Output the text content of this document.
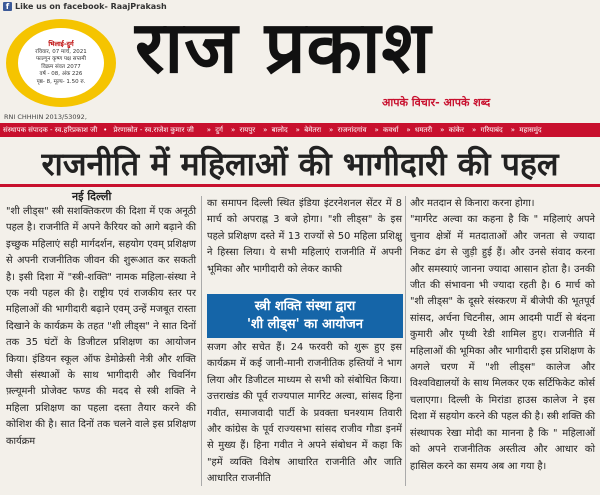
f Like us on facebook- RaajPrakash
भिलाई-दुर्ग
रविवार, 07 मार्च, 2021
फाल्गुन कृष्ण पक्ष सप्तमी
विक्रम संवत 2077
वर्ष - 08, अंक 226
पृष्ठ- 8, मूल्य- 1.50 रु. राज प्रकाश
आपके विचार- आपके शब्द
RNI CHHHIN 2013/53092,
संस्थापक संपादक - स्व.हरिप्रकाश जी • प्रेरणास्रोत - स्व.राजेश कुमार जी	» दुर्ग	» रायपुर	» बालोद	» बेमेतरा	» राजनांदगांव	» कवर्धा	» धमतरी	» कांकेर	» गरियाबंद	» महासमुंद
राजनीति में महिलाओं की भागीदारी की पहल
नई दिल्ली

"शी लीड्स" स्त्री सशक्तिकरण की दिशा में एक अनूठी पहल है। राजनीति में अपने कैरियर को आगे बढ़ाने की इच्छुक महिलाएं सही मार्गदर्शन, सहयोग एवम् प्रशिक्षण से अपनी राजनीतिक जीवन की शुरूआत कर सकती है। इसी दिशा में "स्त्री-शक्ति" नामक महिला-संस्था ने एक नयी पहल की है। राष्ट्रीय एवं राजकीय स्तर पर महिलाओं की भागीदारी बढ़ाने एवम् उन्हें मजबूत रास्ता दिखाने के कार्यक्रम के तहत "शी लीड्स" ने सात दिनों तक 35 घंटों के डिजीटल प्रशिक्षण का आयोजन किया। इंडियन स्कूल ऑफ डेमोक्रेसी नेत्री और शक्ति जैसी संस्थाओं के साथ भागीदारी और चिवनिंग फ़्ल्यूमनी प्रोजेक्ट फण्ड की मदद से स्त्री शक्ति ने महिला प्रशिक्षण का पहला दस्ता तैयार करने की कोशिश की है। सात दिनों तक चलने वाले इस प्रशिक्षण कार्यक्रम

का समापन दिल्ली स्थित इंडिया इंटरनेशनल सेंटर में 8 मार्च को अपराह्न 3 बजे होगा। "शी लीड्स" के इस पहले प्रशिक्षण दस्ते में 13 राज्यों से 50 महिला प्रशिक्षु ने हिस्सा लिया। ये सभी महिलाएं राजनीति में अपनी भूमिका और भागीदारी को लेकर काफी

स्त्री शक्ति संस्था द्वारा
'शी लीड्स' का आयोजन

सजग और सचेत हैं। 24 फरवरी को शुरू हुए इस कार्यक्रम में कई जानी-मानी राजनीतिक हस्तियों ने भाग लिया और डिजीटल माध्यम से सभी को संबोधित किया। उत्तराखंड की पूर्व राज्यपाल मार्गरेट अल्वा, सांसद हिना गवीत, समाजवादी पार्टी के प्रवक्ता घनश्याम तिवारी और कांग्रेस के पूर्व राज्यसभा सांसद राजीव गौडा इनमें से मुख्य हैं। हिना गवीत ने अपने संबोधन में कहा कि "हमें व्यक्ति विशेष आधारित राजनीति और जाति आधारित राजनीति

और मतदान से किनारा करना होगा।
"मार्गरेट अल्वा का कहना है कि " महिलाएं अपने चुनाव क्षेत्रों में मतदाताओं और जनता से ज्यादा निकट ढंग से जुड़ी हुई हैं। और उनसे संवाद करना और समस्याएं जानना ज्यादा आसान होता है। उनकी जीत की संभावना भी ज्यादा रहती है। 6 मार्च को "शी लीड्स" के दूसरे संस्करण में बीजेपी की भूतपूर्व सांसद, अर्चना चिटनीस, आम आदमी पार्टी से बंदना कुमारी और पृथ्वी रेडी शामिल हुए। राजनीति में महिलाओं की भूमिका और भागीदारी इस प्रशिक्षण के अगले चरण में "शी लीड्स" कालेज और विश्वविद्यालयों के साथ मिलकर एक सर्टिफिकेट कोर्स चलाएगा। दिल्ली के मिरांडा हाउस कालेज ने इस दिशा में सहयोग करने की पहल की है। स्त्री शक्ति की संस्थापक रेखा मोदी का मानना है कि " महिलाओं को अपने राजनीतिक अस्तीत्व और आधार को हासिल करने का समय अब आ गया है।
